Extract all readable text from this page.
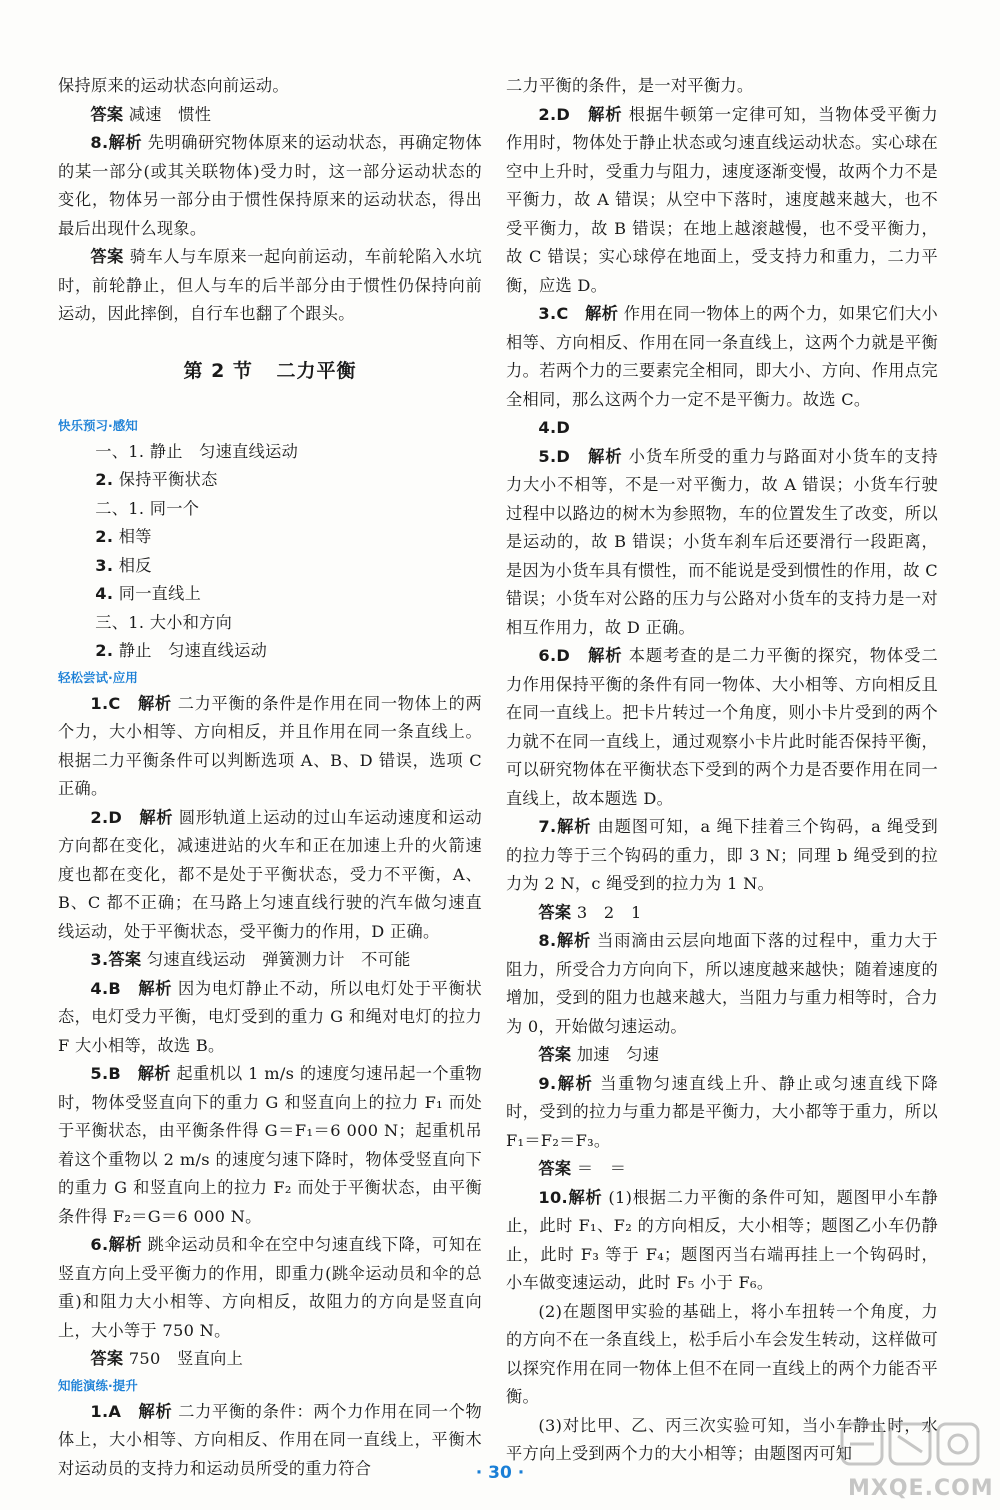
保持原来的运动状态向前运动。

答案 减速　惯性

8.解析 先明确研究物体原来的运动状态，再确定物体的某一部分(或其关联物体)受力时，这一部分运动状态的变化，物体另一部分由于惯性保持原来的运动状态，得出最后出现什么现象。

答案 骑车人与车原来一起向前运动，车前轮陷入水坑时，前轮静止，但人与车的后半部分由于惯性仍保持向前运动，因此摔倒，自行车也翻了个跟头。

第 2 节 二力平衡
快乐预习·感知

一、1. 静止　匀速直线运动

2. 保持平衡状态

二、1. 同一个

2. 相等

3. 相反

4. 同一直线上

三、1. 大小和方向

2. 静止　匀速直线运动

轻松尝试·应用

1.C　解析 二力平衡的条件是作用在同一物体上的两个力，大小相等、方向相反，并且作用在同一条直线上。根据二力平衡条件可以判断选项 A、B、D 错误，选项 C 正确。

2.D　解析 圆形轨道上运动的过山车运动速度和运动方向都在变化，减速进站的火车和正在加速上升的火箭速度也都在变化，都不是处于平衡状态，受力不平衡，A、B、C 都不正确；在马路上匀速直线行驶的汽车做匀速直线运动，处于平衡状态，受平衡力的作用，D 正确。

3.答案 匀速直线运动　弹簧测力计　不可能

4.B　解析 因为电灯静止不动，所以电灯处于平衡状态，电灯受力平衡，电灯受到的重力 G 和绳对电灯的拉力 F 大小相等，故选 B。

5.B　解析 起重机以 1 m/s 的速度匀速吊起一个重物时，物体受竖直向下的重力 G 和竖直向上的拉力 F₁ 而处于平衡状态，由平衡条件得 G＝F₁＝6 000 N；起重机吊着这个重物以 2 m/s 的速度匀速下降时，物体受竖直向下的重力 G 和竖直向上的拉力 F₂ 而处于平衡状态，由平衡条件得 F₂＝G＝6 000 N。

6.解析 跳伞运动员和伞在空中匀速直线下降，可知在竖直方向上受平衡力的作用，即重力(跳伞运动员和伞的总重)和阻力大小相等、方向相反，故阻力的方向是竖直向上，大小等于 750 N。

答案 750　竖直向上

知能演练·提升

1.A　解析 二力平衡的条件：两个力作用在同一个物体上，大小相等、方向相反、作用在同一直线上，平衡木对运动员的支持力和运动员所受的重力符合

二力平衡的条件，是一对平衡力。

2.D　解析 根据牛顿第一定律可知，当物体受平衡力作用时，物体处于静止状态或匀速直线运动状态。实心球在空中上升时，受重力与阻力，速度逐渐变慢，故两个力不是平衡力，故 A 错误；从空中下落时，速度越来越大，也不受平衡力，故 B 错误；在地上越滚越慢，也不受平衡力，故 C 错误；实心球停在地面上，受支持力和重力，二力平衡，应选 D。

3.C　解析 作用在同一物体上的两个力，如果它们大小相等、方向相反、作用在同一条直线上，这两个力就是平衡力。若两个力的三要素完全相同，即大小、方向、作用点完全相同，那么这两个力一定不是平衡力。故选 C。

4.D

5.D　解析 小货车所受的重力与路面对小货车的支持力大小不相等，不是一对平衡力，故 A 错误；小货车行驶过程中以路边的树木为参照物，车的位置发生了改变，所以是运动的，故 B 错误；小货车刹车后还要滑行一段距离，是因为小货车具有惯性，而不能说是受到惯性的作用，故 C 错误；小货车对公路的压力与公路对小货车的支持力是一对相互作用力，故 D 正确。

6.D　解析 本题考查的是二力平衡的探究，物体受二力作用保持平衡的条件有同一物体、大小相等、方向相反且在同一直线上。把卡片转过一个角度，则小卡片受到的两个力就不在同一直线上，通过观察小卡片此时能否保持平衡，可以研究物体在平衡状态下受到的两个力是否要作用在同一直线上，故本题选 D。

7.解析 由题图可知，a 绳下挂着三个钩码，a 绳受到的拉力等于三个钩码的重力，即 3 N；同理 b 绳受到的拉力为 2 N，c 绳受到的拉力为 1 N。

答案 3　2　1

8.解析 当雨滴由云层向地面下落的过程中，重力大于阻力，所受合力方向向下，所以速度越来越快；随着速度的增加，受到的阻力也越来越大，当阻力与重力相等时，合力为 0，开始做匀速运动。

答案 加速　匀速

9.解析 当重物匀速直线上升、静止或匀速直线下降时，受到的拉力与重力都是平衡力，大小都等于重力，所以 F₁＝F₂＝F₃。

答案 ＝　＝

10.解析 (1)根据二力平衡的条件可知，题图甲小车静止，此时 F₁、F₂ 的方向相反，大小相等；题图乙小车仍静止，此时 F₃ 等于 F₄；题图丙当右端再挂上一个钩码时，小车做变速运动，此时 F₅ 小于 F₆。

(2)在题图甲实验的基础上，将小车扭转一个角度，力的方向不在一条直线上，松手后小车会发生转动，这样做可以探究作用在同一物体上但不在同一直线上的两个力能否平衡。

(3)对比甲、乙、丙三次实验可知，当小车静止时，水平方向上受到两个力的大小相等；由题图丙可知

· 30 ·
MXQE.COM
